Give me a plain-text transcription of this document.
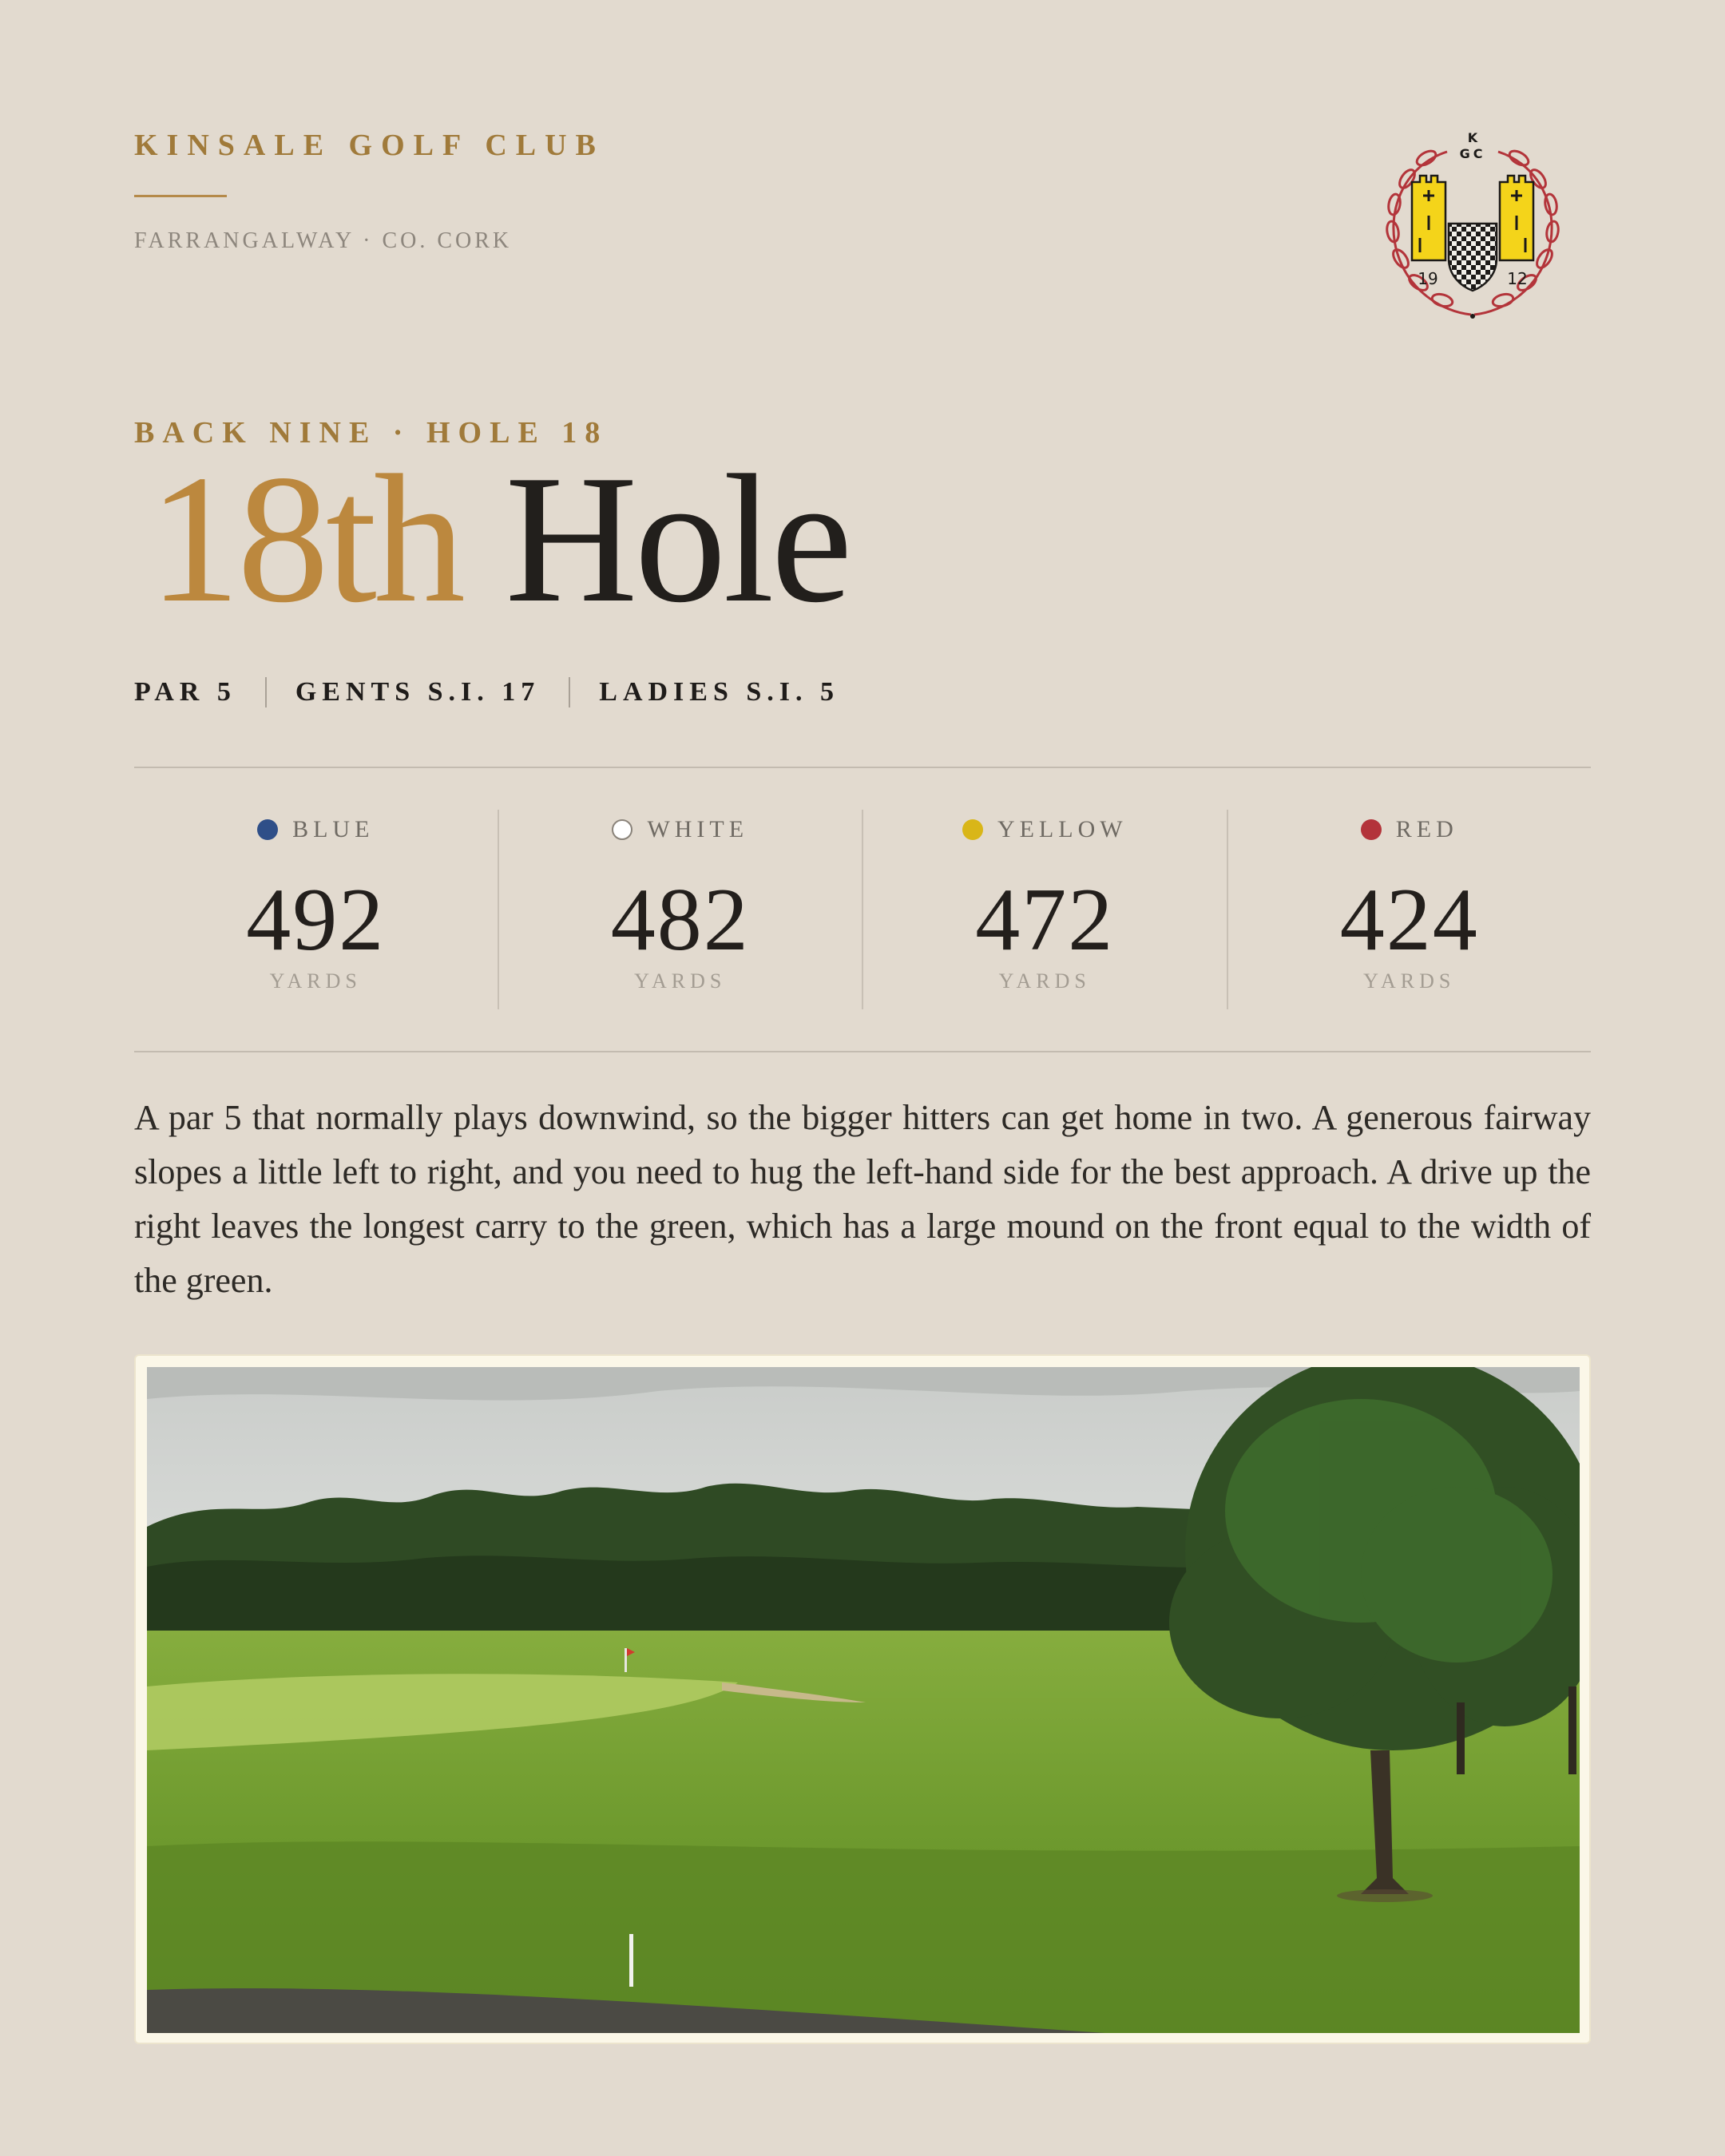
KINSALE GOLF CLUB
FARRANGALWAY · CO. CORK
K
GC
19	12
BACK NINE · HOLE 18
18th Hole
PAR 5 GENTS S.I. 17 LADIES S.I. 5
BLUE
492
YARDS
WHITE
482
YARDS
YELLOW
472
YARDS
RED
424
YARDS

A par 5 that normally plays downwind, so the bigger hitters can get home in two. A generous fairway slopes a little left to right, and you need to hug the left-hand side for the best approach. A drive up the right leaves the longest carry to the green, which has a large mound on the front equal to the width of the green.
